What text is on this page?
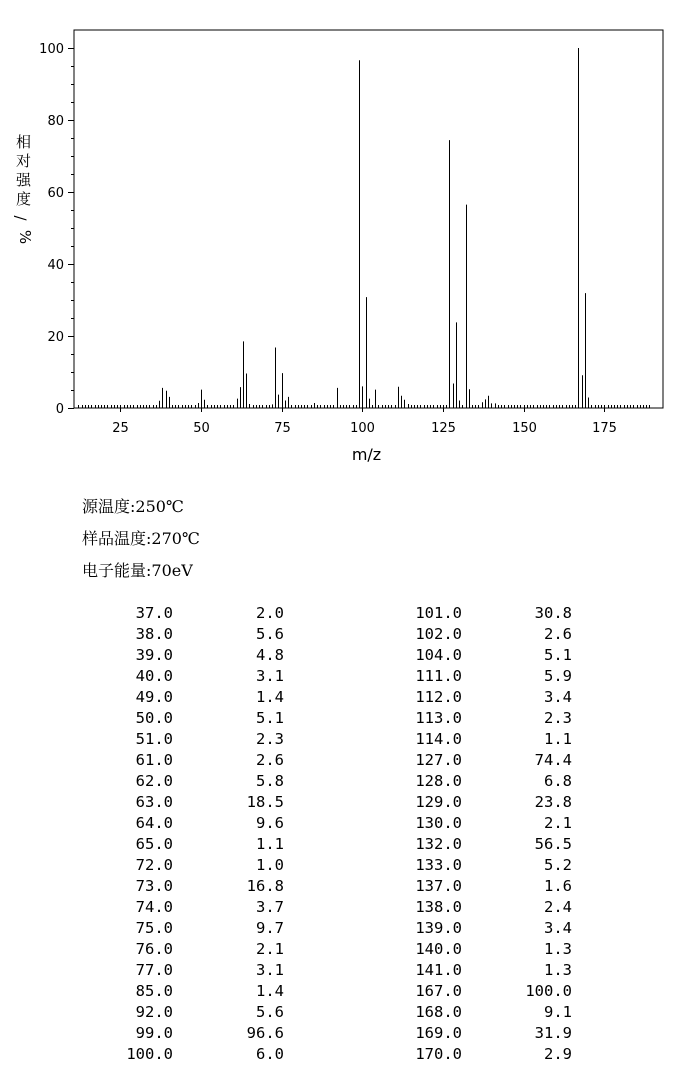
25	50	75	100	125	150	175
0
20
40
60
80
100
m/z
相
对
强
度
/
%
源温度:250℃
样品温度:270℃
电子能量:70eV
37.0	2.0
38.0	5.6
39.0	4.8
40.0	3.1
49.0	1.4
50.0	5.1
51.0	2.3
61.0	2.6
62.0	5.8
63.0	18.5
64.0	9.6
65.0	1.1
72.0	1.0
73.0	16.8
74.0	3.7
75.0	9.7
76.0	2.1
77.0	3.1
85.0	1.4
92.0	5.6
99.0	96.6
100.0	6.0
101.0	30.8
102.0	2.6
104.0	5.1
111.0	5.9
112.0	3.4
113.0	2.3
114.0	1.1
127.0	74.4
128.0	6.8
129.0	23.8
130.0	2.1
132.0	56.5
133.0	5.2
137.0	1.6
138.0	2.4
139.0	3.4
140.0	1.3
141.0	1.3
167.0	100.0
168.0	9.1
169.0	31.9
170.0	2.9
